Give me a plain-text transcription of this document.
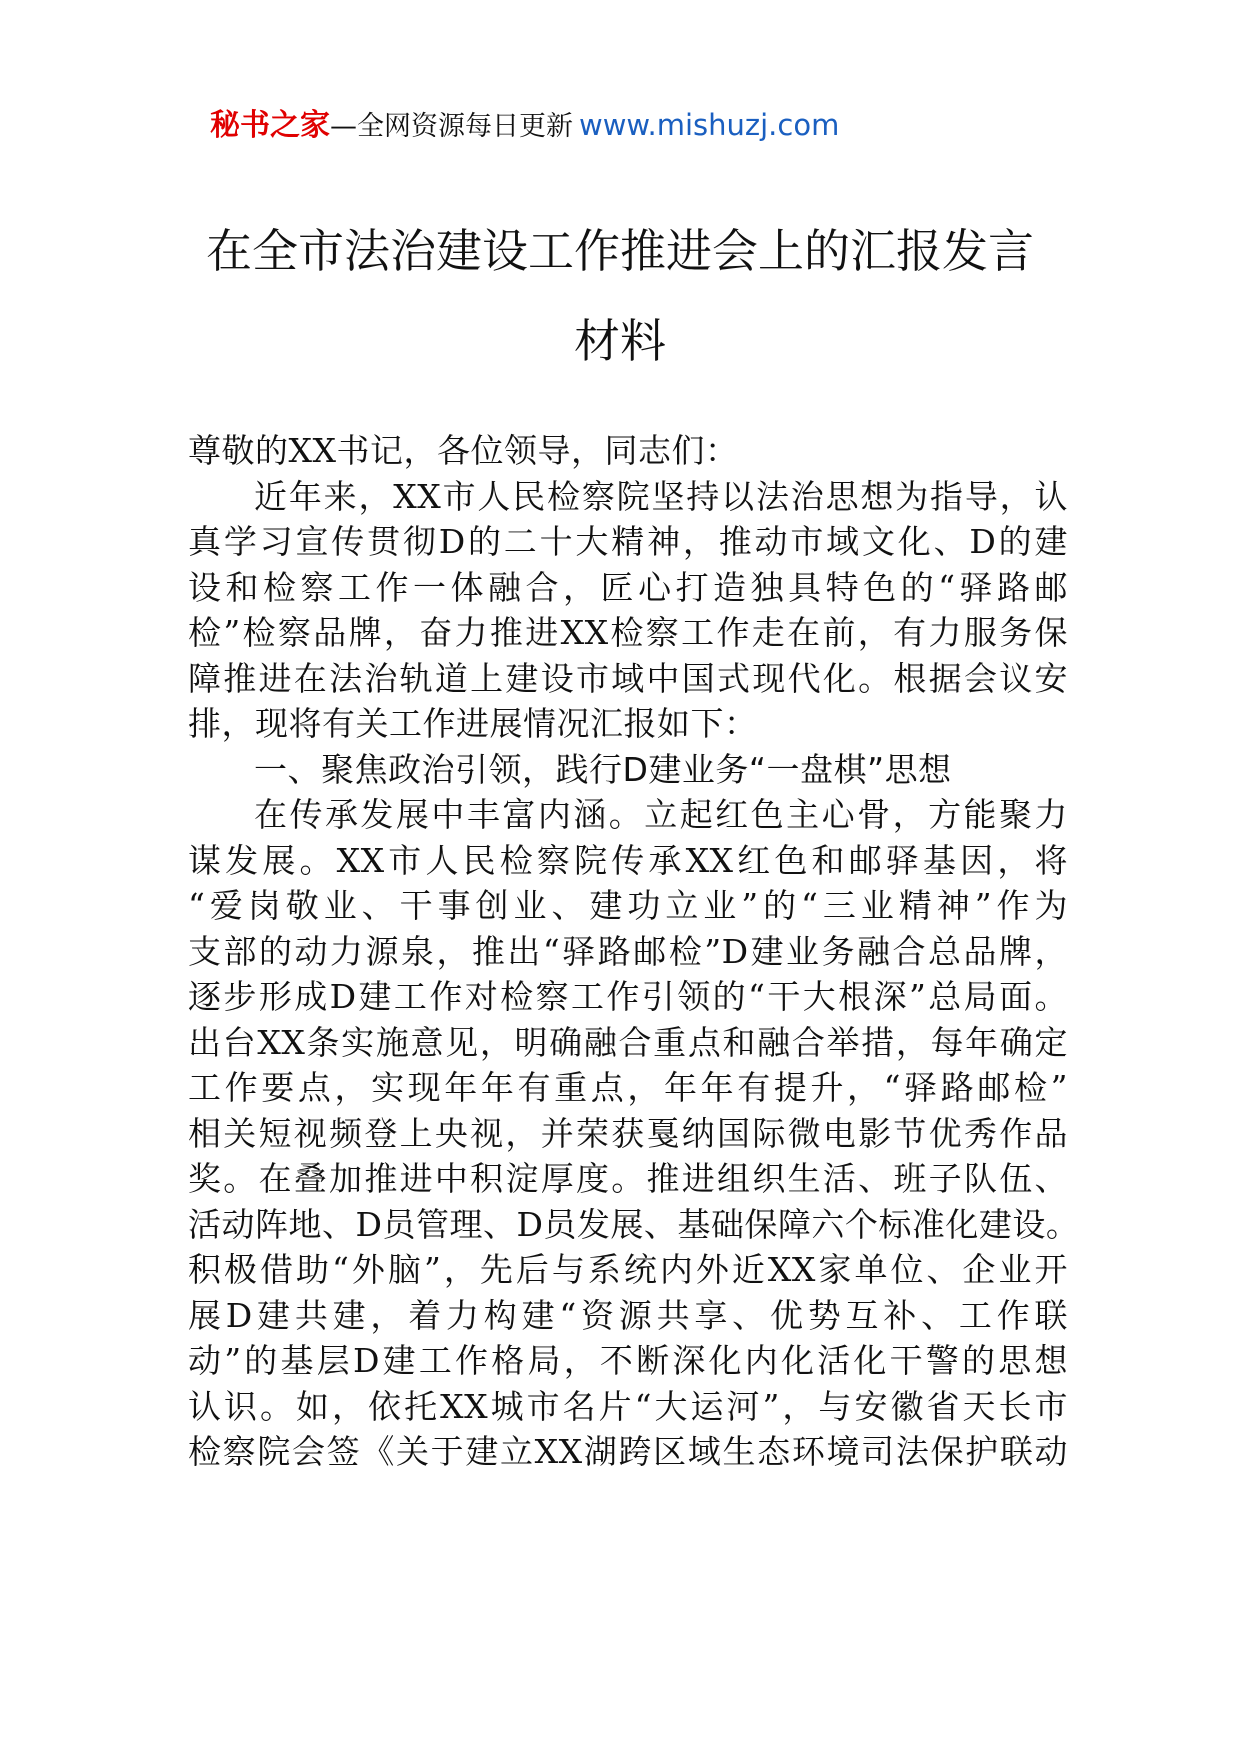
秘书之家—全网资源每日更新 www.mishuzj.com
在全市法治建设工作推进会上的汇报发言
材料
尊敬的XX书记，各位领导，同志们：
近年来，XX市人民检察院坚持以法治思想为指导，认
真学习宣传贯彻D的二十大精神，推动市域文化、D的建
设和检察工作一体融合，匠心打造独具特色的“驿路邮
检”检察品牌，奋力推进XX检察工作走在前，有力服务保
障推进在法治轨道上建设市域中国式现代化。根据会议安
排，现将有关工作进展情况汇报如下：
一、聚焦政治引领，践行D建业务“一盘棋”思想
在传承发展中丰富内涵。立起红色主心骨，方能聚力
谋发展。XX市人民检察院传承XX红色和邮驿基因，将
“爱岗敬业、干事创业、建功立业”的“三业精神”作为
支部的动力源泉，推出“驿路邮检”D建业务融合总品牌，
逐步形成D建工作对检察工作引领的“干大根深”总局面。
出台XX条实施意见，明确融合重点和融合举措，每年确定
工作要点，实现年年有重点，年年有提升，“驿路邮检”
相关短视频登上央视，并荣获戛纳国际微电影节优秀作品
奖。在叠加推进中积淀厚度。推进组织生活、班子队伍、
活动阵地、D员管理、D员发展、基础保障六个标准化建设。
积极借助“外脑”，先后与系统内外近XX家单位、企业开
展D建共建，着力构建“资源共享、优势互补、工作联
动”的基层D建工作格局，不断深化内化活化干警的思想
认识。如，依托XX城市名片“大运河”，与安徽省天长市
检察院会签《关于建立XX湖跨区域生态环境司法保护联动
